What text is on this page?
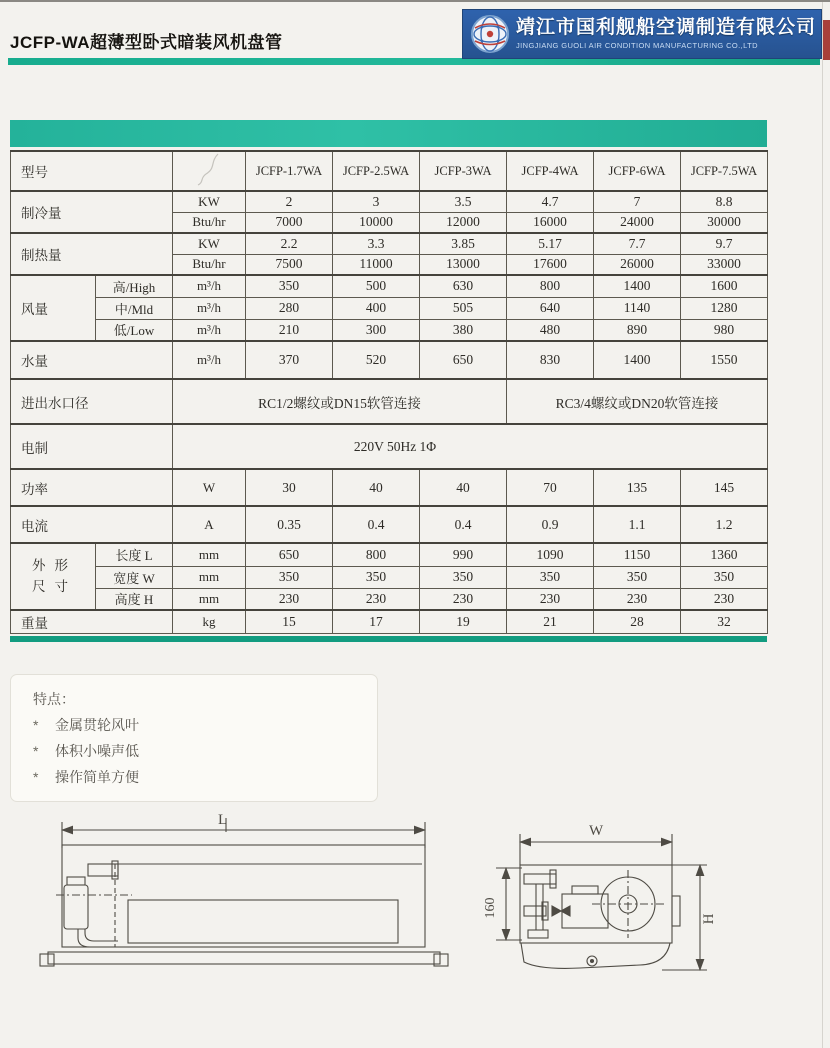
JCFP-WA超薄型卧式暗装风机盘管
靖江市国利舰船空调制造有限公司
JINGJIANG GUOLI AIR CONDITION MANUFACTURING CO.,LTD
型号			JCFP-1.7WA	JCFP-2.5WA	JCFP-3WA	JCFP-4WA	JCFP-6WA	JCFP-7.5WA
制冷量		KW	2	3	3.5	4.7	7	8.8
		Btu/hr	7000	10000	12000	16000	24000	30000
制热量		KW	2.2	3.3	3.85	5.17	7.7	9.7
		Btu/hr	7500	11000	13000	17600	26000	33000
风量	高/High	m³/h	350	500	630	800	1400	1600
	中/Mld	m³/h	280	400	505	640	1140	1280
	低/Low	m³/h	210	300	380	480	890	980
水量		m³/h	370	520	650	830	1400	1550
进出水口径		RC1/2螺纹或DN15软管连接				RC3/4螺纹或DN20软管连接		
电制		220V 50Hz 1Φ						
功率		W	30	40	40	70	135	145
电流		A	0.35	0.4	0.4	0.9	1.1	1.2

外形尺寸	长度 L	mm	650	800	990	1090	1150	1360
	宽度 W	mm	350	350	350	350	350	350
	高度 H	mm	230	230	230	230	230	230
重量		kg	15	17	19	21	28	32
特点：
* 金属贯轮风叶
* 体积小噪声低
* 操作简单方便
L
W
160
H
